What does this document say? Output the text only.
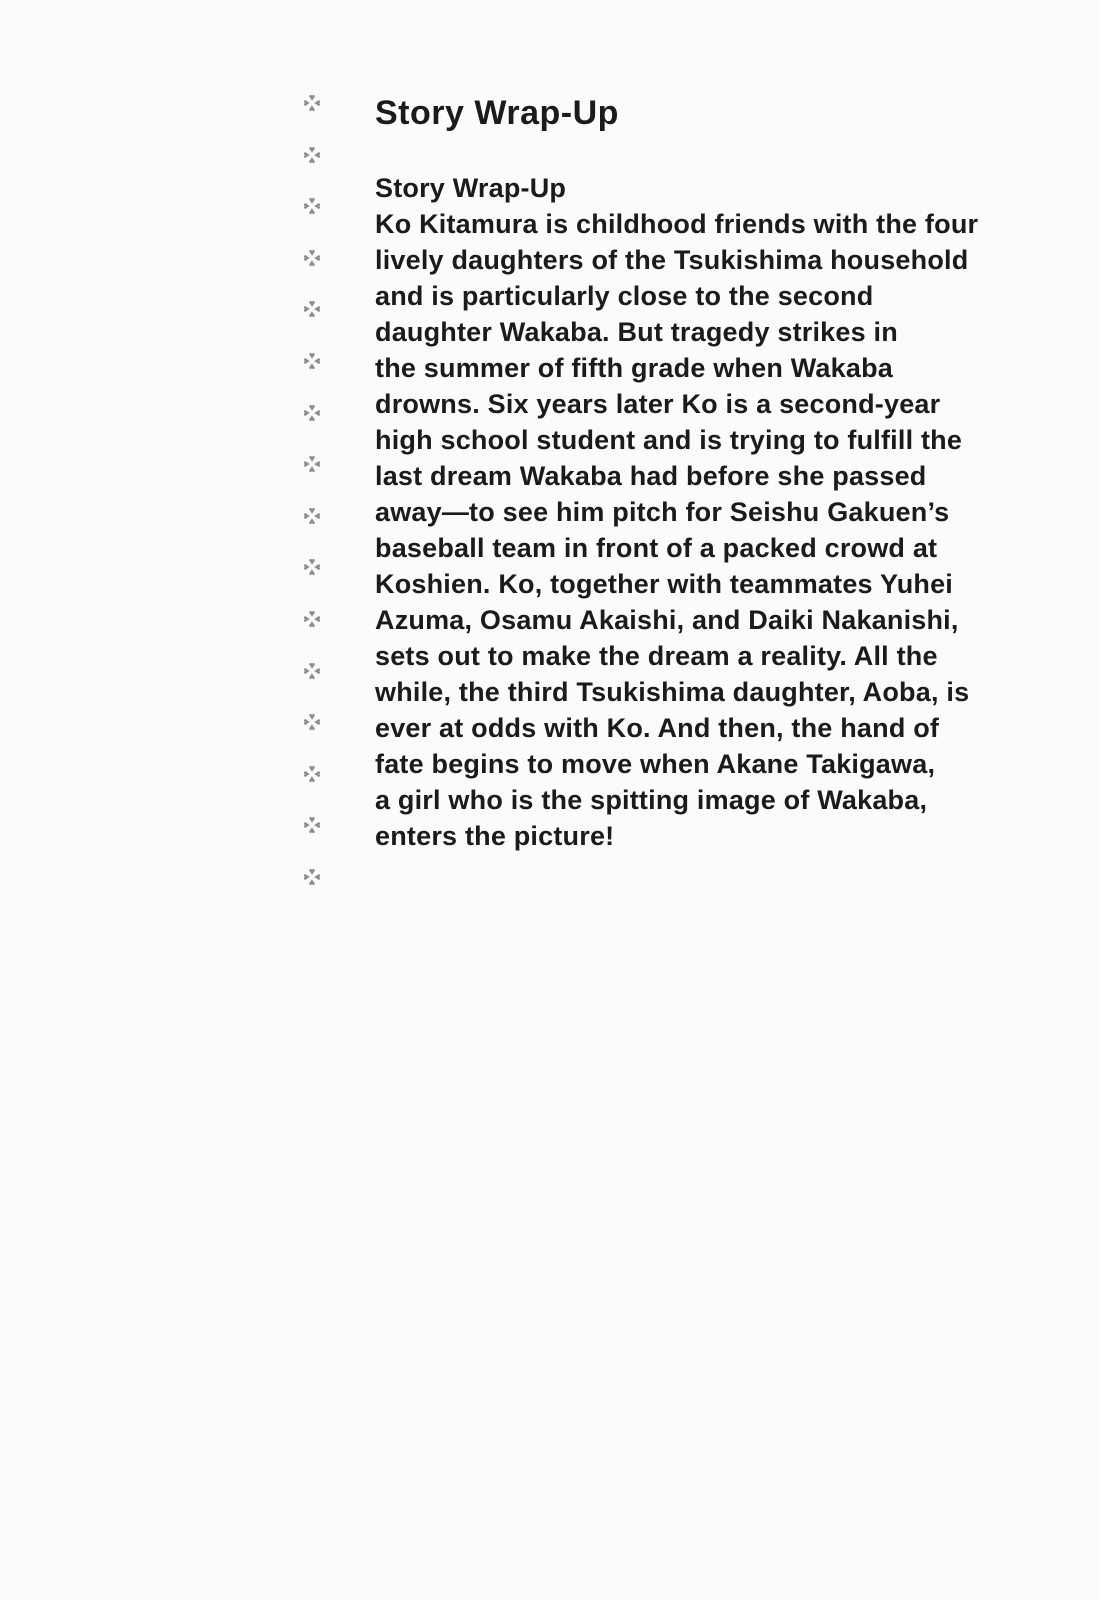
♥
♥
♥
♥
♥
♥
♥
♥
♥
♥
♥
♥
♥
♥
♥
♥
♥
♥
♥
♥
♥
♥
♥
♥
♥
♥
♥
♥
♥
♥
♥
♥
♥
♥
♥
♥
♥
♥
♥
♥
♥
♥
♥
♥
♥
♥
♥
♥
♥
♥
♥
♥
♥
♥
♥
♥
♥
♥
♥
♥
♥
♥
♥
♥
Story Wrap-Up
Story Wrap-Up
Ko Kitamura is childhood friends with the four
lively daughters of the Tsukishima household
and is particularly close to the second
daughter Wakaba. But tragedy strikes in
the summer of fifth grade when Wakaba
drowns. Six years later Ko is a second-year
high school student and is trying to fulfill the
last dream Wakaba had before she passed
away—to see him pitch for Seishu Gakuen’s
baseball team in front of a packed crowd at
Koshien. Ko, together with teammates Yuhei
Azuma, Osamu Akaishi, and Daiki Nakanishi,
sets out to make the dream a reality. All the
while, the third Tsukishima daughter, Aoba, is
ever at odds with Ko. And then, the hand of
fate begins to move when Akane Takigawa,
a girl who is the spitting image of Wakaba,
enters the picture!
